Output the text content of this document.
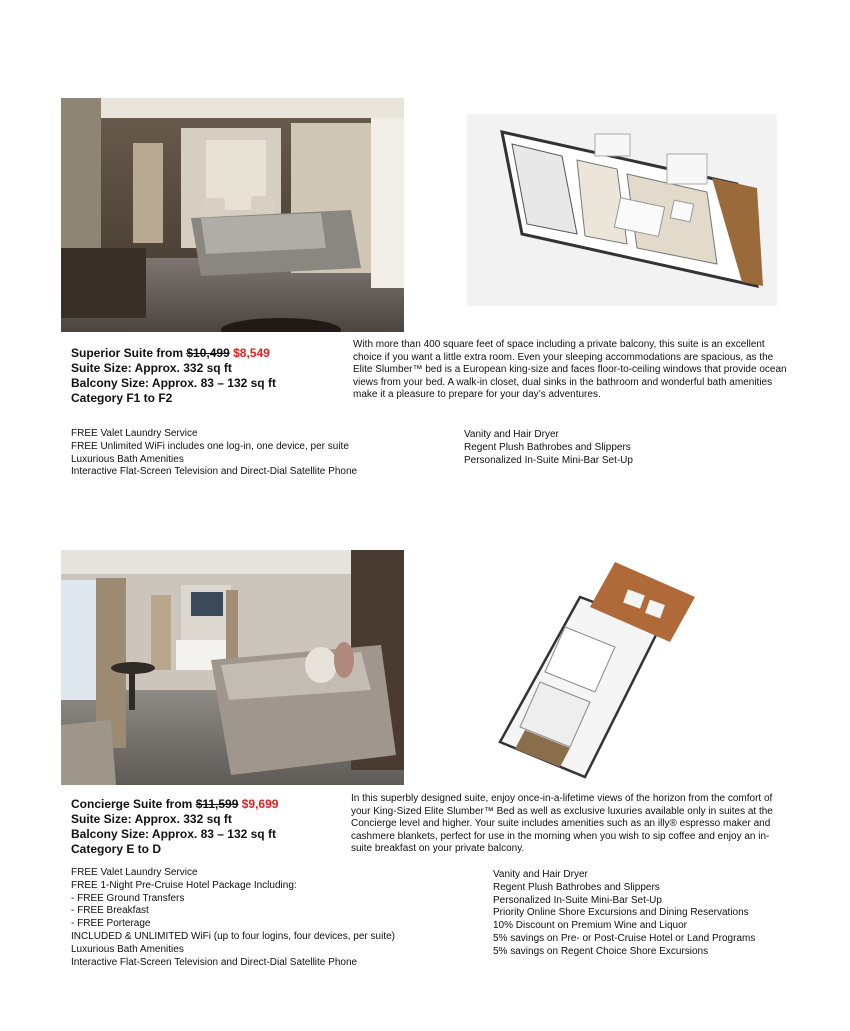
Superior Suite from $10,499 $8,549
Suite Size: Approx. 332 sq ft
Balcony Size: Approx. 83 – 132 sq ft
Category F1 to F2
With more than 400 square feet of space including a private balcony, this suite is an excellent choice if you want a little extra room. Even your sleeping accommodations are spacious, as the Elite Slumber™ bed is a European king-size and faces floor-to-ceiling windows that provide ocean views from your bed. A walk-in closet, dual sinks in the bathroom and wonderful bath amenities make it a pleasure to prepare for your day’s adventures.
FREE Valet Laundry Service
FREE Unlimited WiFi includes one log-in, one device, per suite
Luxurious Bath Amenities
Interactive Flat-Screen Television and Direct-Dial Satellite Phone
Vanity and Hair Dryer
Regent Plush Bathrobes and Slippers
Personalized In-Suite Mini-Bar Set-Up
Concierge Suite from $11,599 $9,699
Suite Size: Approx. 332 sq ft
Balcony Size: Approx. 83 – 132 sq ft
Category E to D
In this superbly designed suite, enjoy once-in-a-lifetime views of the horizon from the comfort of your King-Sized Elite Slumber™ Bed as well as exclusive luxuries available only in suites at the Concierge level and higher. Your suite includes amenities such as an illy® espresso maker and cashmere blankets, perfect for use in the morning when you wish to sip coffee and enjoy an in-suite breakfast on your private balcony.
FREE Valet Laundry Service
FREE 1-Night Pre-Cruise Hotel Package Including:
- FREE Ground Transfers
- FREE Breakfast
- FREE Porterage
INCLUDED & UNLIMITED WiFi (up to four logins, four devices, per suite)
Luxurious Bath Amenities
Interactive Flat-Screen Television and Direct-Dial Satellite Phone
Vanity and Hair Dryer
Regent Plush Bathrobes and Slippers
Personalized In-Suite Mini-Bar Set-Up
Priority Online Shore Excursions and Dining Reservations
10% Discount on Premium Wine and Liquor
5% savings on Pre- or Post-Cruise Hotel or Land Programs
5% savings on Regent Choice Shore Excursions
